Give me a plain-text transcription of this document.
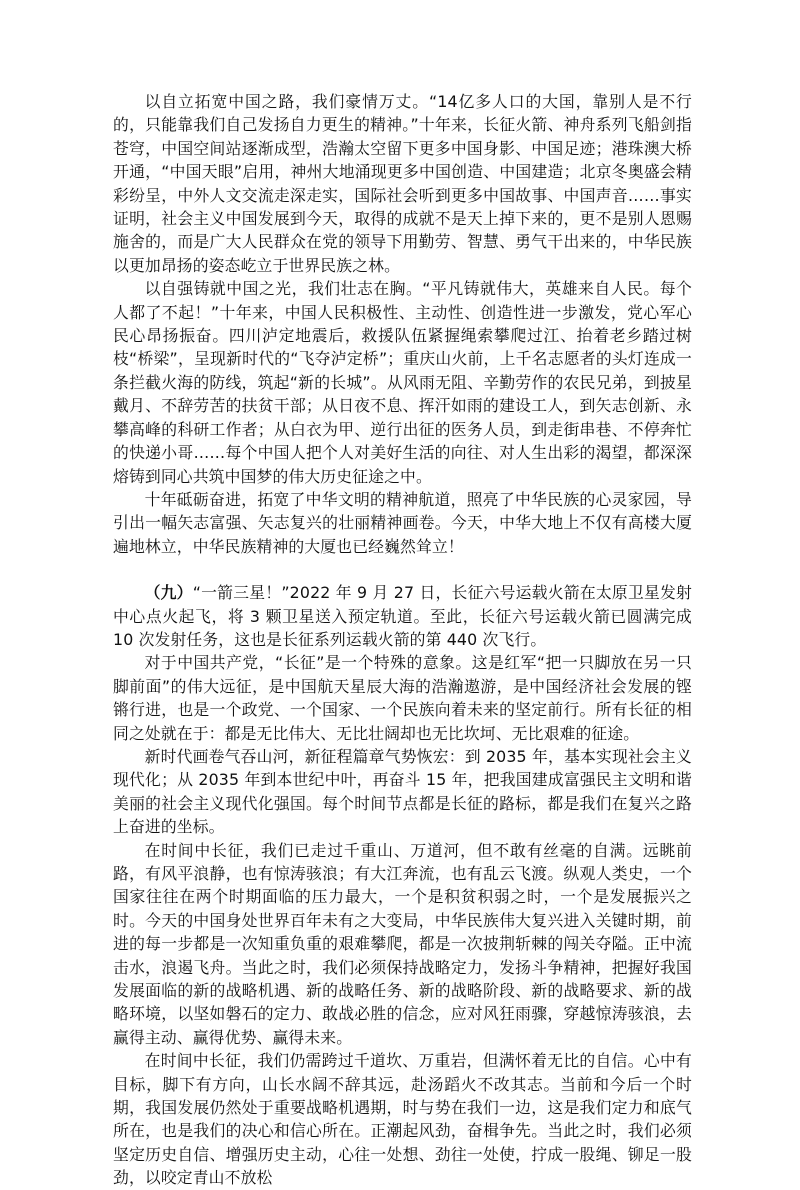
以自立拓宽中国之路，我们豪情万丈。“14亿多人口的大国，靠别人是不行的，只能靠我们自己发扬自力更生的精神。”十年来，长征火箭、神舟系列飞船剑指苍穹，中国空间站逐渐成型，浩瀚太空留下更多中国身影、中国足迹；港珠澳大桥开通，“中国天眼”启用，神州大地涌现更多中国创造、中国建造；北京冬奥盛会精彩纷呈，中外人文交流走深走实，国际社会听到更多中国故事、中国声音……事实证明，社会主义中国发展到今天，取得的成就不是天上掉下来的，更不是别人恩赐施舍的，而是广大人民群众在党的领导下用勤劳、智慧、勇气干出来的，中华民族以更加昂扬的姿态屹立于世界民族之林。

以自强铸就中国之光，我们壮志在胸。“平凡铸就伟大，英雄来自人民。每个人都了不起！”十年来，中国人民积极性、主动性、创造性进一步激发，党心军心民心昂扬振奋。四川泸定地震后，救援队伍紧握绳索攀爬过江、抬着老乡踏过树枝“桥梁”，呈现新时代的“飞夺泸定桥”；重庆山火前，上千名志愿者的头灯连成一条拦截火海的防线，筑起“新的长城”。从风雨无阻、辛勤劳作的农民兄弟，到披星戴月、不辞劳苦的扶贫干部；从日夜不息、挥汗如雨的建设工人，到矢志创新、永攀高峰的科研工作者；从白衣为甲、逆行出征的医务人员，到走街串巷、不停奔忙的快递小哥……每个中国人把个人对美好生活的向往、对人生出彩的渴望，都深深熔铸到同心共筑中国梦的伟大历史征途之中。

十年砥砺奋进，拓宽了中华文明的精神航道，照亮了中华民族的心灵家园，导引出一幅矢志富强、矢志复兴的壮丽精神画卷。今天，中华大地上不仅有高楼大厦遍地林立，中华民族精神的大厦也已经巍然耸立！

（九）“一箭三星！”2022 年 9 月 27 日，长征六号运载火箭在太原卫星发射中心点火起飞，将 3 颗卫星送入预定轨道。至此，长征六号运载火箭已圆满完成 10 次发射任务，这也是长征系列运载火箭的第 440 次飞行。

对于中国共产党，“长征”是一个特殊的意象。这是红军“把一只脚放在另一只脚前面”的伟大远征，是中国航天星辰大海的浩瀚遨游，是中国经济社会发展的铿锵行进，也是一个政党、一个国家、一个民族向着未来的坚定前行。所有长征的相同之处就在于：都是无比伟大、无比壮阔却也无比坎坷、无比艰难的征途。

新时代画卷气吞山河，新征程篇章气势恢宏：到 2035 年，基本实现社会主义现代化；从 2035 年到本世纪中叶，再奋斗 15 年，把我国建成富强民主文明和谐美丽的社会主义现代化强国。每个时间节点都是长征的路标，都是我们在复兴之路上奋进的坐标。

在时间中长征，我们已走过千重山、万道河，但不敢有丝毫的自满。远眺前路，有风平浪静，也有惊涛骇浪；有大江奔流，也有乱云飞渡。纵观人类史，一个国家往往在两个时期面临的压力最大，一个是积贫积弱之时，一个是发展振兴之时。今天的中国身处世界百年未有之大变局，中华民族伟大复兴进入关键时期，前进的每一步都是一次知重负重的艰难攀爬，都是一次披荆斩棘的闯关夺隘。正中流击水，浪遏飞舟。当此之时，我们必须保持战略定力，发扬斗争精神，把握好我国发展面临的新的战略机遇、新的战略任务、新的战略阶段、新的战略要求、新的战略环境，以坚如磐石的定力、敢战必胜的信念，应对风狂雨骤，穿越惊涛骇浪，去赢得主动、赢得优势、赢得未来。

在时间中长征，我们仍需跨过千道坎、万重岩，但满怀着无比的自信。心中有目标，脚下有方向，山长水阔不辞其远，赴汤蹈火不改其志。当前和今后一个时期，我国发展仍然处于重要战略机遇期，时与势在我们一边，这是我们定力和底气所在，也是我们的决心和信心所在。正潮起风劲，奋楫争先。当此之时，我们必须坚定历史自信、增强历史主动，心往一处想、劲往一处使，拧成一股绳、铆足一股劲，以咬定青山不放松
